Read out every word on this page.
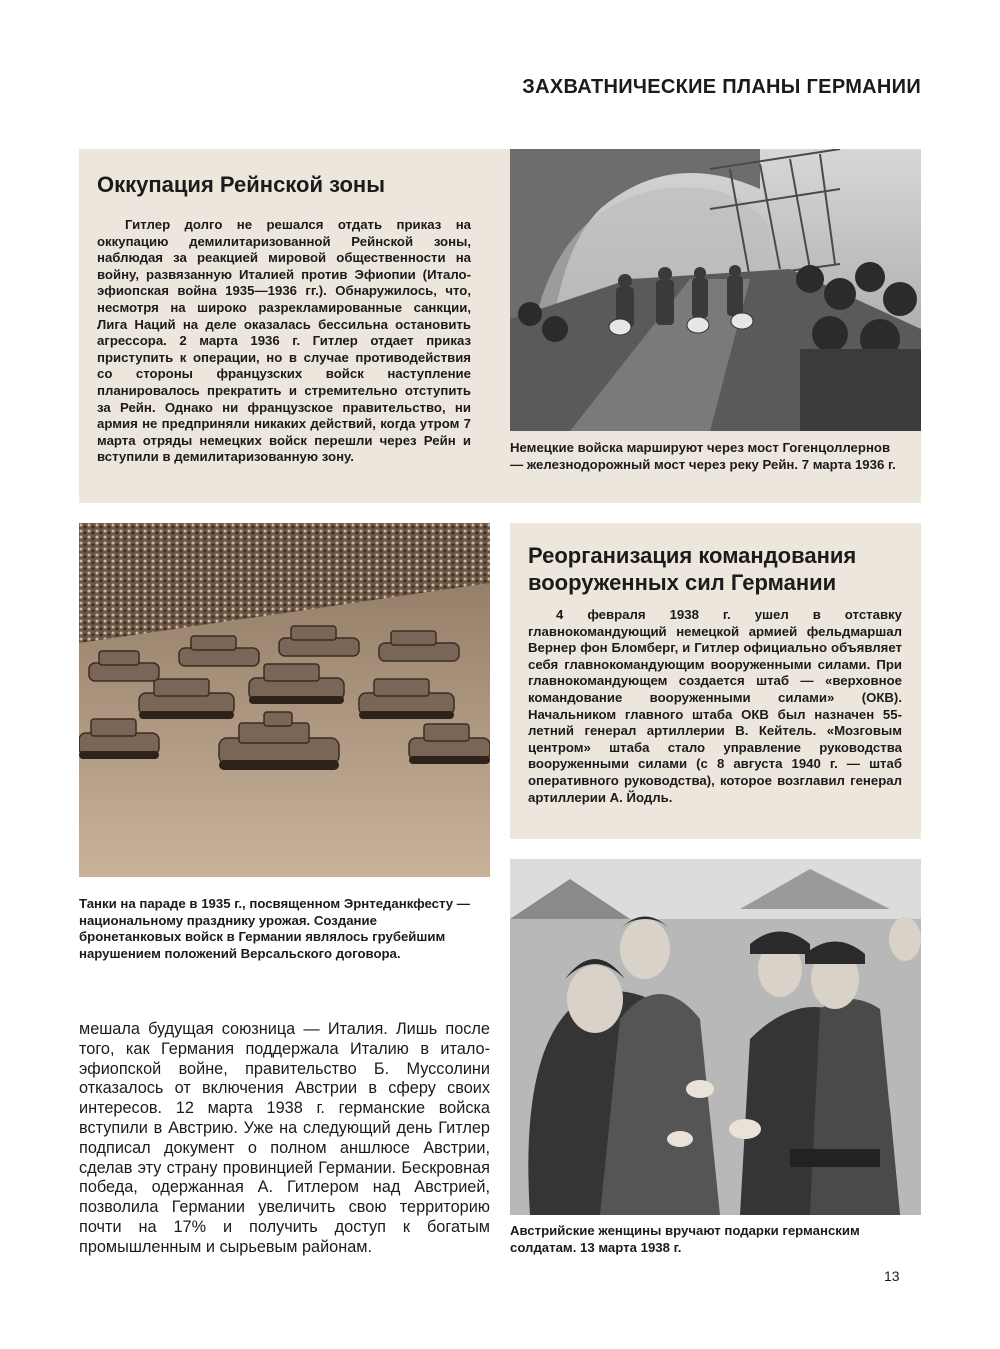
ЗАХВАТНИЧЕСКИЕ ПЛАНЫ ГЕРМАНИИ
Оккупация Рейнской зоны

Гитлер долго не решался отдать приказ на оккупацию демилитаризованной Рейнской зоны, наблюдая за реакцией мировой общественности на войну, развязанную Италией против Эфиопии (Итало-эфиопская война 1935—1936 гг.). Обнаружилось, что, несмотря на широко разрекламированные санкции, Лига Наций на деле оказалась бессильна остановить агрессора. 2 марта 1936 г. Гитлер отдает приказ приступить к операции, но в случае противодействия со стороны французских войск наступление планировалось прекратить и стремительно отступить за Рейн. Однако ни французское правительство, ни армия не предприняли никаких действий, когда утром 7 марта отряды немецких войск перешли через Рейн и вступили в демилитаризованную зону.

Немецкие войска маршируют через мост Гогенцоллернов — железнодорожный мост через реку Рейн. 7 марта 1936 г.

Танки на параде в 1935 г., посвященном Эрнтеданкфесту — национальному празднику урожая. Создание бронетанковых войск в Германии являлось грубейшим нарушением положений Версальского договора.

Реорганизация командования вооруженных сил Германии

4 февраля 1938 г. ушел в отставку главнокомандующий немецкой армией фельдмаршал Вернер фон Бломберг, и Гитлер официально объявляет себя главнокомандующим вооруженными силами. При главнокомандующем создается штаб — «верховное командование вооруженными силами» (ОКВ). Начальником главного штаба ОКВ был назначен 55-летний генерал артиллерии В. Кейтель. «Мозговым центром» штаба стало управление руководства вооруженными силами (с 8 августа 1940 г. — штаб оперативного руководства), которое возглавил генерал артиллерии А. Йодль.

мешала будущая союзница — Италия. Лишь после того, как Германия поддержала Италию в итало-эфиопской войне, правительство Б. Муссолини отказалось от включения Австрии в сферу своих интересов. 12 марта 1938 г. германские войска вступили в Австрию. Уже на следующий день Гитлер подписал документ о полном аншлюсе Австрии, сделав эту страну провинцией Германии. Бескровная победа, одержанная А. Гитлером над Австрией, позволила Германии увеличить свою территорию почти на 17% и получить доступ к богатым промышленным и сырьевым районам.

Австрийские женщины вручают подарки германским солдатам. 13 марта 1938 г.

13
